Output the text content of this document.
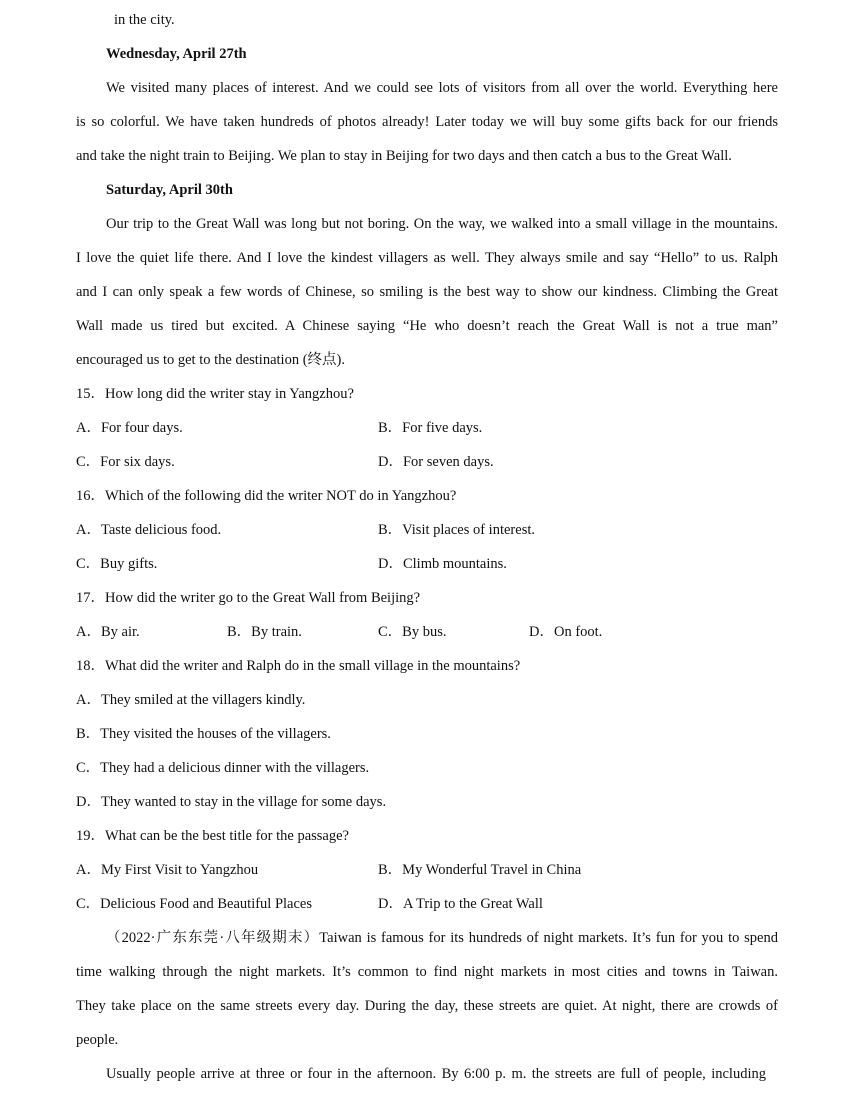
in the city.
Wednesday, April 27th
We visited many places of interest. And we could see lots of visitors from all over the world. Everything here
is so colorful. We have taken hundreds of photos already! Later today we will buy some gifts back for our friends
and take the night train to Beijing. We plan to stay in Beijing for two days and then catch a bus to the Great Wall.
Saturday, April 30th
Our trip to the Great Wall was long but not boring. On the way, we walked into a small village in the mountains.
I love the quiet life there. And I love the kindest villagers as well. They always smile and say “Hello” to us. Ralph
and I can only speak a few words of Chinese, so smiling is the best way to show our kindness. Climbing the Great
Wall made us tired but excited. A Chinese saying “He who doesn’t reach the Great Wall is not a true man”
encouraged us to get to the destination (终点).
15．How long did the writer stay in Yangzhou?
A．For four days.	B．For five days.
C．For six days.	D．For seven days.
16．Which of the following did the writer NOT do in Yangzhou?
A．Taste delicious food.	B．Visit places of interest.
C．Buy gifts.	D．Climb mountains.
17．How did the writer go to the Great Wall from Beijing?
A．By air.	B．By train.	C．By bus.	D．On foot.
18．What did the writer and Ralph do in the small village in the mountains?
A．They smiled at the villagers kindly.
B．They visited the houses of the villagers.
C．They had a delicious dinner with the villagers.
D．They wanted to stay in the village for some days.
19．What can be the best title for the passage?
A．My First Visit to Yangzhou	B．My Wonderful Travel in China
C．Delicious Food and Beautiful Places	D．A Trip to the Great Wall
（2022·广东东莞·八年级期末）Taiwan is famous for its hundreds of night markets. It’s fun for you to spend
time walking through the night markets. It’s common to find night markets in most cities and towns in Taiwan.
They take place on the same streets every day. During the day, these streets are quiet. At night, there are crowds of
people.
Usually people arrive at three or four in the afternoon. By 6:00 p. m. the streets are full of people, including
